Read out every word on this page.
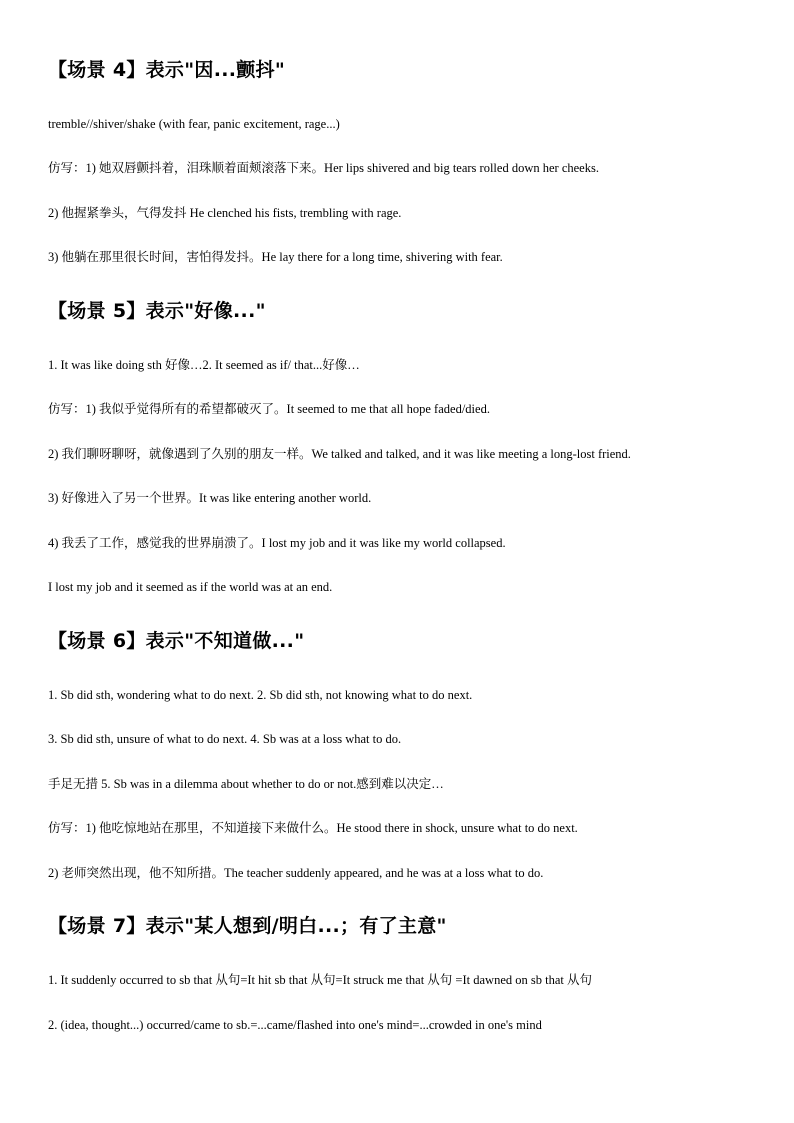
【场景 4】表示"因...颤抖"
tremble//shiver/shake (with fear, panic excitement, rage...)
仿写：1) 她双唇颤抖着，泪珠顺着面颊滚落下来。Her lips shivered and big tears rolled down her cheeks.
2) 他握紧拳头，气得发抖 He clenched his fists, trembling with rage.
3) 他躺在那里很长时间，害怕得发抖。He lay there for a long time, shivering with fear.
【场景 5】表示"好像..."
1. It was like doing sth 好像…2. It seemed as if/ that...好像…
仿写：1) 我似乎觉得所有的希望都破灭了。It seemed to me that all hope faded/died.
2) 我们聊呀聊呀，就像遇到了久别的朋友一样。We talked and talked, and it was like meeting a long-lost friend.
3) 好像进入了另一个世界。It was like entering another world.
4) 我丢了工作，感觉我的世界崩溃了。I lost my job and it was like my world collapsed.
I lost my job and it seemed as if the world was at an end.
【场景 6】表示"不知道做..."
1. Sb did sth, wondering what to do next. 2. Sb did sth, not knowing what to do next.
3. Sb did sth, unsure of what to do next. 4. Sb was at a loss what to do.
手足无措 5. Sb was in a dilemma about whether to do or not.感到难以决定…
仿写：1) 他吃惊地站在那里，不知道接下来做什么。He stood there in shock, unsure what to do next.
2) 老师突然出现，他不知所措。The teacher suddenly appeared, and he was at a loss what to do.
【场景 7】表示"某人想到/明白...；有了主意"
1. It suddenly occurred to sb that 从句=It hit sb that 从句=It struck me that 从句 =It dawned on sb that 从句
2. (idea, thought...) occurred/came to sb.=...came/flashed into one's mind=...crowded in one's mind
